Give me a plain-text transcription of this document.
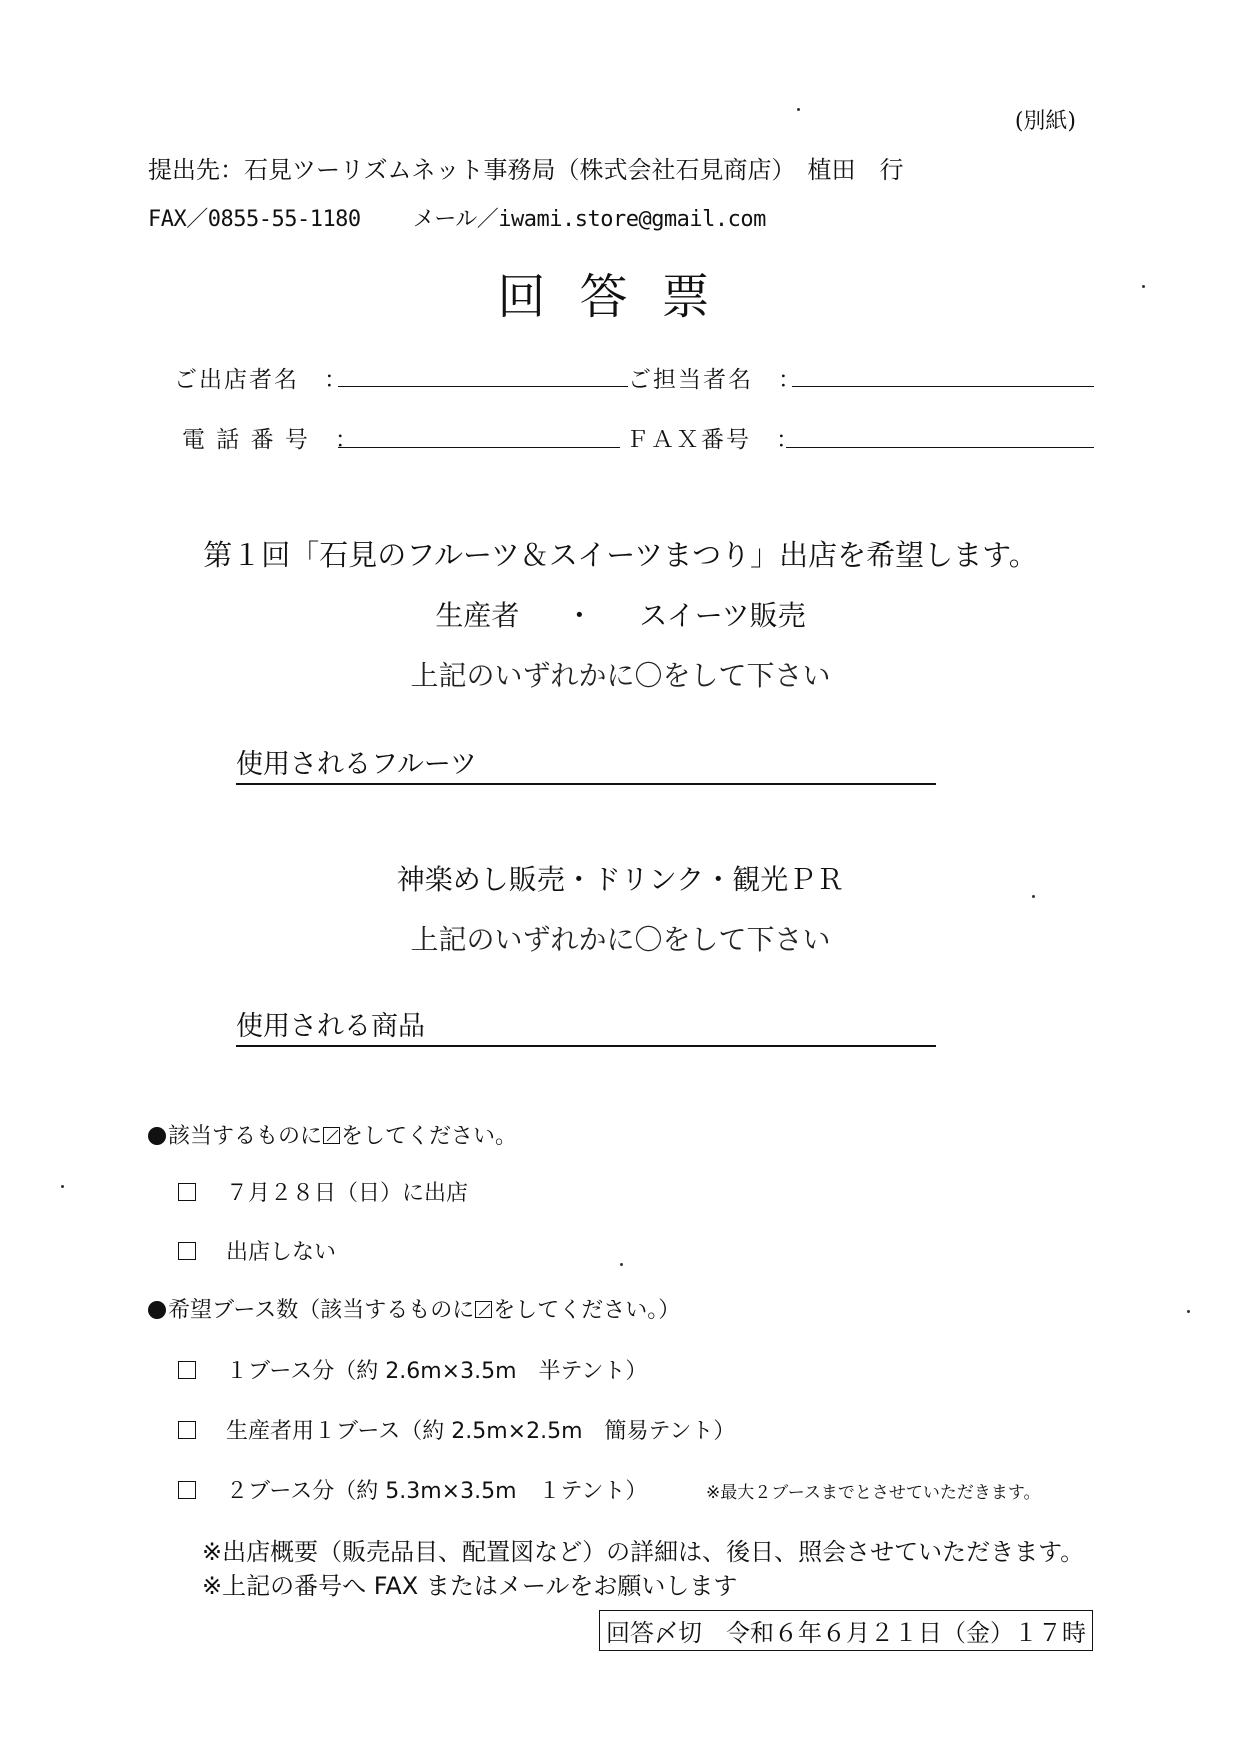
(別紙)
提出先：石見ツーリズムネット事務局（株式会社石見商店）　植田　行
FAX／0855-55-1180 メール／iwami.store@gmail.com
回答票
ご出店者名　：	ご担当者名　：
電 話 番 号　：	ＦＡＸ番号　：
第１回「石見のフルーツ＆スイーツまつり」出店を希望します。
生産者 ・ スイーツ販売
上記のいずれかに〇をして下さい
使用されるフルーツ
神楽めし販売・ドリンク・観光ＰＲ
上記のいずれかに〇をして下さい
使用される商品
該当するものに をしてください。
７月２８日（日）に出店
出店しない
希望ブース数（該当するものに をしてください。）
１ブース分（約 2.6m×3.5m　半テント）
生産者用１ブース（約 2.5m×2.5m　簡易テント）
２ブース分（約 5.3m×3.5m　１テント）	※最大２ブースまでとさせていただきます。
※出店概要（販売品目、配置図など）の詳細は、後日、照会させていただきます。
※上記の番号へ FAX またはメールをお願いします
回答〆切　令和６年６月２１日（金）１７時
